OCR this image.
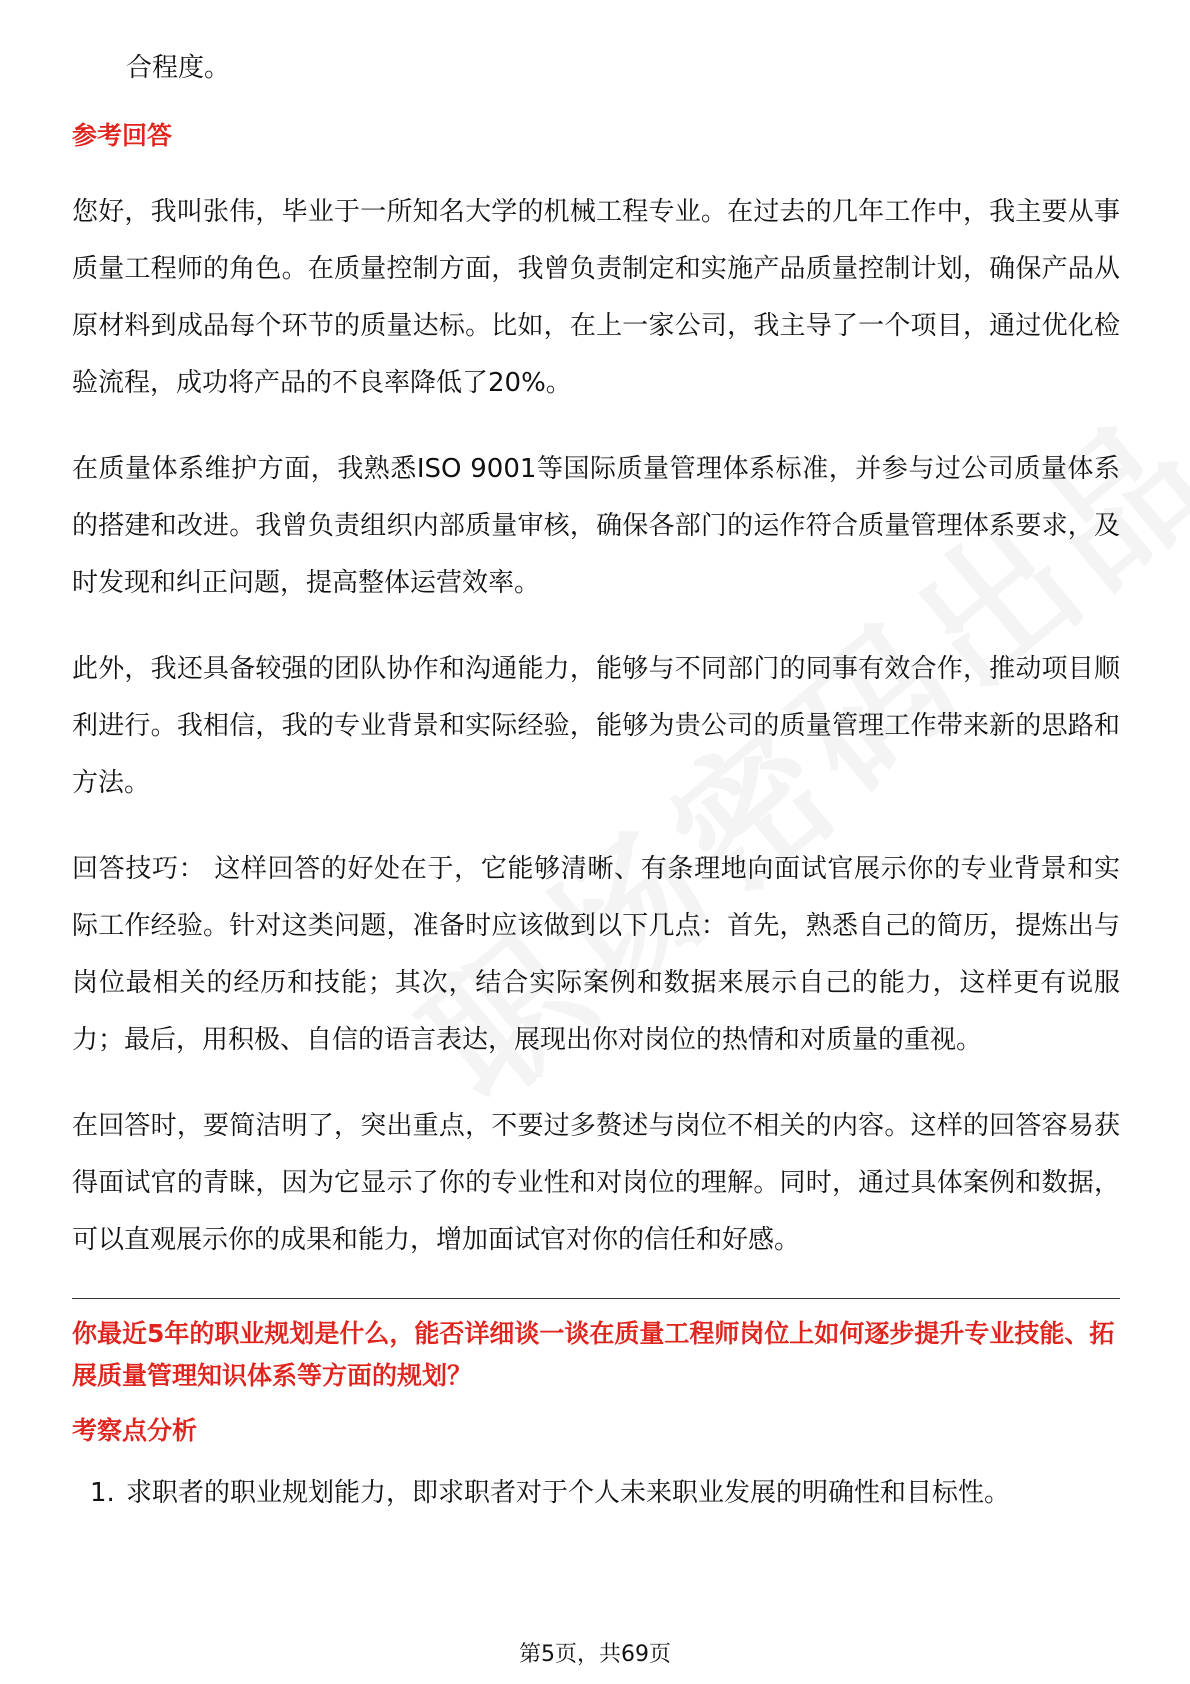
合程度。

参考回答

您好，我叫张伟，毕业于一所知名大学的机械工程专业。在过去的几年工作中，我主要从事质量工程师的角色。在质量控制方面，我曾负责制定和实施产品质量控制计划，确保产品从原材料到成品每个环节的质量达标。比如，在上一家公司，我主导了一个项目，通过优化检验流程，成功将产品的不良率降低了20%。

在质量体系维护方面，我熟悉ISO 9001等国际质量管理体系标准，并参与过公司质量体系的搭建和改进。我曾负责组织内部质量审核，确保各部门的运作符合质量管理体系要求，及时发现和纠正问题，提高整体运营效率。

此外，我还具备较强的团队协作和沟通能力，能够与不同部门的同事有效合作，推动项目顺利进行。我相信，我的专业背景和实际经验，能够为贵公司的质量管理工作带来新的思路和方法。

回答技巧： 这样回答的好处在于，它能够清晰、有条理地向面试官展示你的专业背景和实际工作经验。针对这类问题，准备时应该做到以下几点：首先，熟悉自己的简历，提炼出与岗位最相关的经历和技能；其次，结合实际案例和数据来展示自己的能力，这样更有说服力；最后，用积极、自信的语言表达，展现出你对岗位的热情和对质量的重视。

在回答时，要简洁明了，突出重点，不要过多赘述与岗位不相关的内容。这样的回答容易获得面试官的青睐，因为它显示了你的专业性和对岗位的理解。同时，通过具体案例和数据，可以直观展示你的成果和能力，增加面试官对你的信任和好感。

你最近5年的职业规划是什么，能否详细谈一谈在质量工程师岗位上如何逐步提升专业技能、拓展质量管理知识体系等方面的规划？
考察点分析
1. 求职者的职业规划能力，即求职者对于个人未来职业发展的明确性和目标性。
第5页，共69页
